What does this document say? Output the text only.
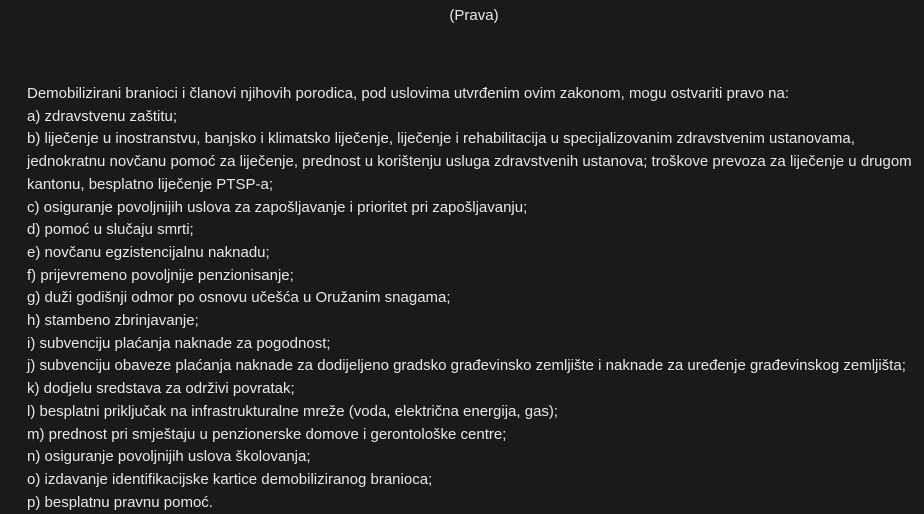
(Prava)

Demobilizirani branioci i članovi njihovih porodica, pod uslovima utvrđenim ovim zakonom, mogu ostvariti pravo na:

a) zdravstvenu zaštitu;

b) liječenje u inostranstvu, banjsko i klimatsko liječenje, liječenje i rehabilitacija u specijalizovanim zdravstvenim ustanovama, jednokratnu novčanu pomoć za liječenje, prednost u korištenju usluga zdravstvenih ustanova; troškove prevoza za liječenje u drugom kantonu, besplatno liječenje PTSP-a;

c) osiguranje povoljnijih uslova za zapošljavanje i prioritet pri zapošljavanju;

d) pomoć u slučaju smrti;

e) novčanu egzistencijalnu naknadu;

f) prijevremeno povoljnije penzionisanje;

g) duži godišnji odmor po osnovu učešća u Oružanim snagama;

h) stambeno zbrinjavanje;

i) subvenciju plaćanja naknade za pogodnost;

j) subvenciju obaveze plaćanja naknade za dodijeljeno gradsko građevinsko zemljište i naknade za uređenje građevinskog zemljišta;

k) dodjelu sredstava za održivi povratak;

l) besplatni priključak na infrastrukturalne mreže (voda, električna energija, gas);

m) prednost pri smještaju u penzionerske domove i gerontološke centre;

n) osiguranje povoljnijih uslova školovanja;

o) izdavanje identifikacijske kartice demobiliziranog branioca;

p) besplatnu pravnu pomoć.
